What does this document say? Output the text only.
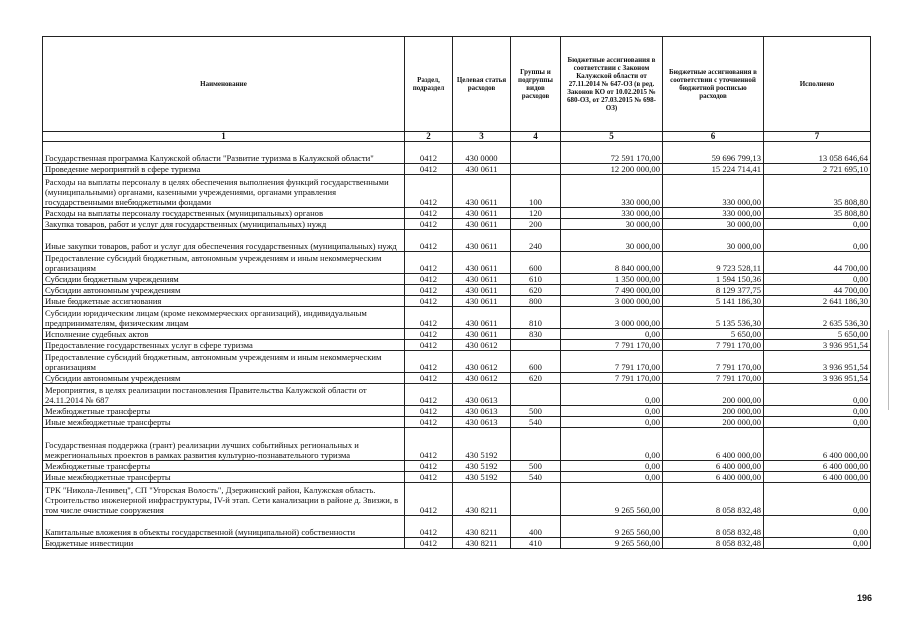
Наименование	Раздел, подраздел	Целевая статья расходов	Группы и подгруппы видов расходов	Бюджетные ассигнования в соответствии с Законом Калужской области от 27.11.2014 № 647-ОЗ (в ред. Законов КО от 10.02.2015 № 680-ОЗ, от 27.03.2015 № 698-ОЗ)	Бюджетные ассигнования в соответствии с уточненной бюджетной росписью расходов	Исполнено
1	2	3	4	5	6	7
Государственная программа Калужской области "Развитие туризма в Калужской области"	0412	430 0000		72 591 170,00	59 696 799,13	13 058 646,64
Проведение мероприятий в сфере туризма	0412	430 0611		12 200 000,00	15 224 714,41	2 721 695,10
Расходы на выплаты персоналу в целях обеспечения выполнения функций государственными (муниципальными) органами, казенными учреждениями, органами управления государственными внебюджетными фондами	0412	430 0611	100	330 000,00	330 000,00	35 808,80
Расходы на выплаты персоналу государственных (муниципальных) органов	0412	430 0611	120	330 000,00	330 000,00	35 808,80
Закупка товаров, работ и услуг для государственных (муниципальных) нужд	0412	430 0611	200	30 000,00	30 000,00	0,00
Иные закупки товаров, работ и услуг для обеспечения государственных (муниципальных) нужд	0412	430 0611	240	30 000,00	30 000,00	0,00
Предоставление субсидий бюджетным, автономным учреждениям и иным некоммерческим организациям	0412	430 0611	600	8 840 000,00	9 723 528,11	44 700,00
Субсидии бюджетным учреждениям	0412	430 0611	610	1 350 000,00	1 594 150,36	0,00
Субсидии автономным учреждениям	0412	430 0611	620	7 490 000,00	8 129 377,75	44 700,00
Иные бюджетные ассигнования	0412	430 0611	800	3 000 000,00	5 141 186,30	2 641 186,30
Субсидии юридическим лицам (кроме некоммерческих организаций), индивидуальным предпринимателям, физическим лицам	0412	430 0611	810	3 000 000,00	5 135 536,30	2 635 536,30
Исполнение судебных актов	0412	430 0611	830	0,00	5 650,00	5 650,00
Предоставление государственных услуг в сфере туризма	0412	430 0612		7 791 170,00	7 791 170,00	3 936 951,54
Предоставление субсидий бюджетным, автономным учреждениям и иным некоммерческим организациям	0412	430 0612	600	7 791 170,00	7 791 170,00	3 936 951,54
Субсидии автономным учреждениям	0412	430 0612	620	7 791 170,00	7 791 170,00	3 936 951,54
Мероприятия, в целях реализации постановления Правительства Калужской области от 24.11.2014 № 687	0412	430 0613		0,00	200 000,00	0,00
Межбюджетные трансферты	0412	430 0613	500	0,00	200 000,00	0,00
Иные межбюджетные трансферты	0412	430 0613	540	0,00	200 000,00	0,00
Государственная поддержка (грант) реализации лучших событийных региональных и межрегиональных проектов в рамках развития культурно-познавательного туризма	0412	430 5192		0,00	6 400 000,00	6 400 000,00
Межбюджетные трансферты	0412	430 5192	500	0,00	6 400 000,00	6 400 000,00
Иные межбюджетные трансферты	0412	430 5192	540	0,00	6 400 000,00	6 400 000,00
ТРК "Никола-Ленивец", СП "Угорская Волость", Дзержинский район, Калужская область. Строительство инженерной инфраструктуры, IV-й этап. Сети канализации в районе д. Звизжи, в том числе очистные сооружения	0412	430 8211		9 265 560,00	8 058 832,48	0,00
Капитальные вложения в объекты государственной (муниципальной) собственности	0412	430 8211	400	9 265 560,00	8 058 832,48	0,00
Бюджетные инвестиции	0412	430 8211	410	9 265 560,00	8 058 832,48	0,00
196
